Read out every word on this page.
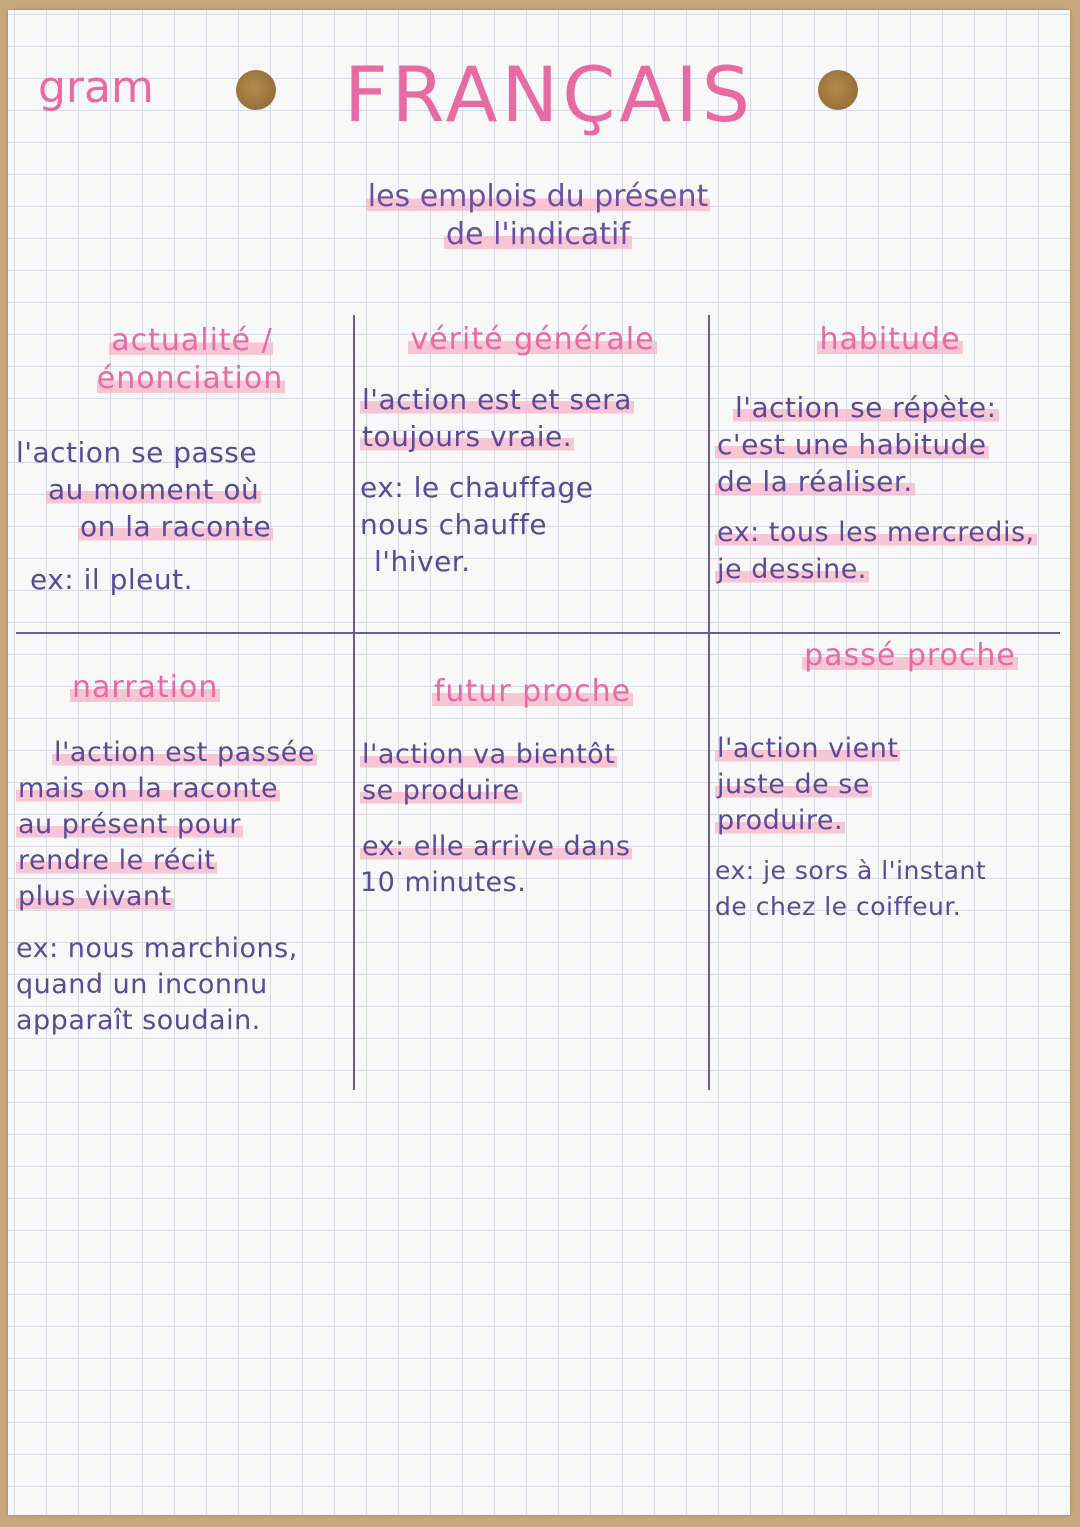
gram	FRANÇAIS
les emplois du présent
de l'indicatif
actualité / énonciation
l'action se passe
au moment où
on la raconte
ex: il pleut.
vérité générale
l'action est et sera
toujours vraie.
ex: le chauffage
nous chauffe
l'hiver.
habitude
l'action se répète:
c'est une habitude
de la réaliser.
ex: tous les mercredis,
je dessine.
narration
l'action est passée
mais on la raconte
au présent pour
rendre le récit
plus vivant
ex: nous marchions,
quand un inconnu
apparaît soudain.
futur proche
l'action va bientôt
se produire
ex: elle arrive dans
10 minutes.
passé proche
l'action vient
juste de se
produire.
ex: je sors à l'instant
de chez le coiffeur.
